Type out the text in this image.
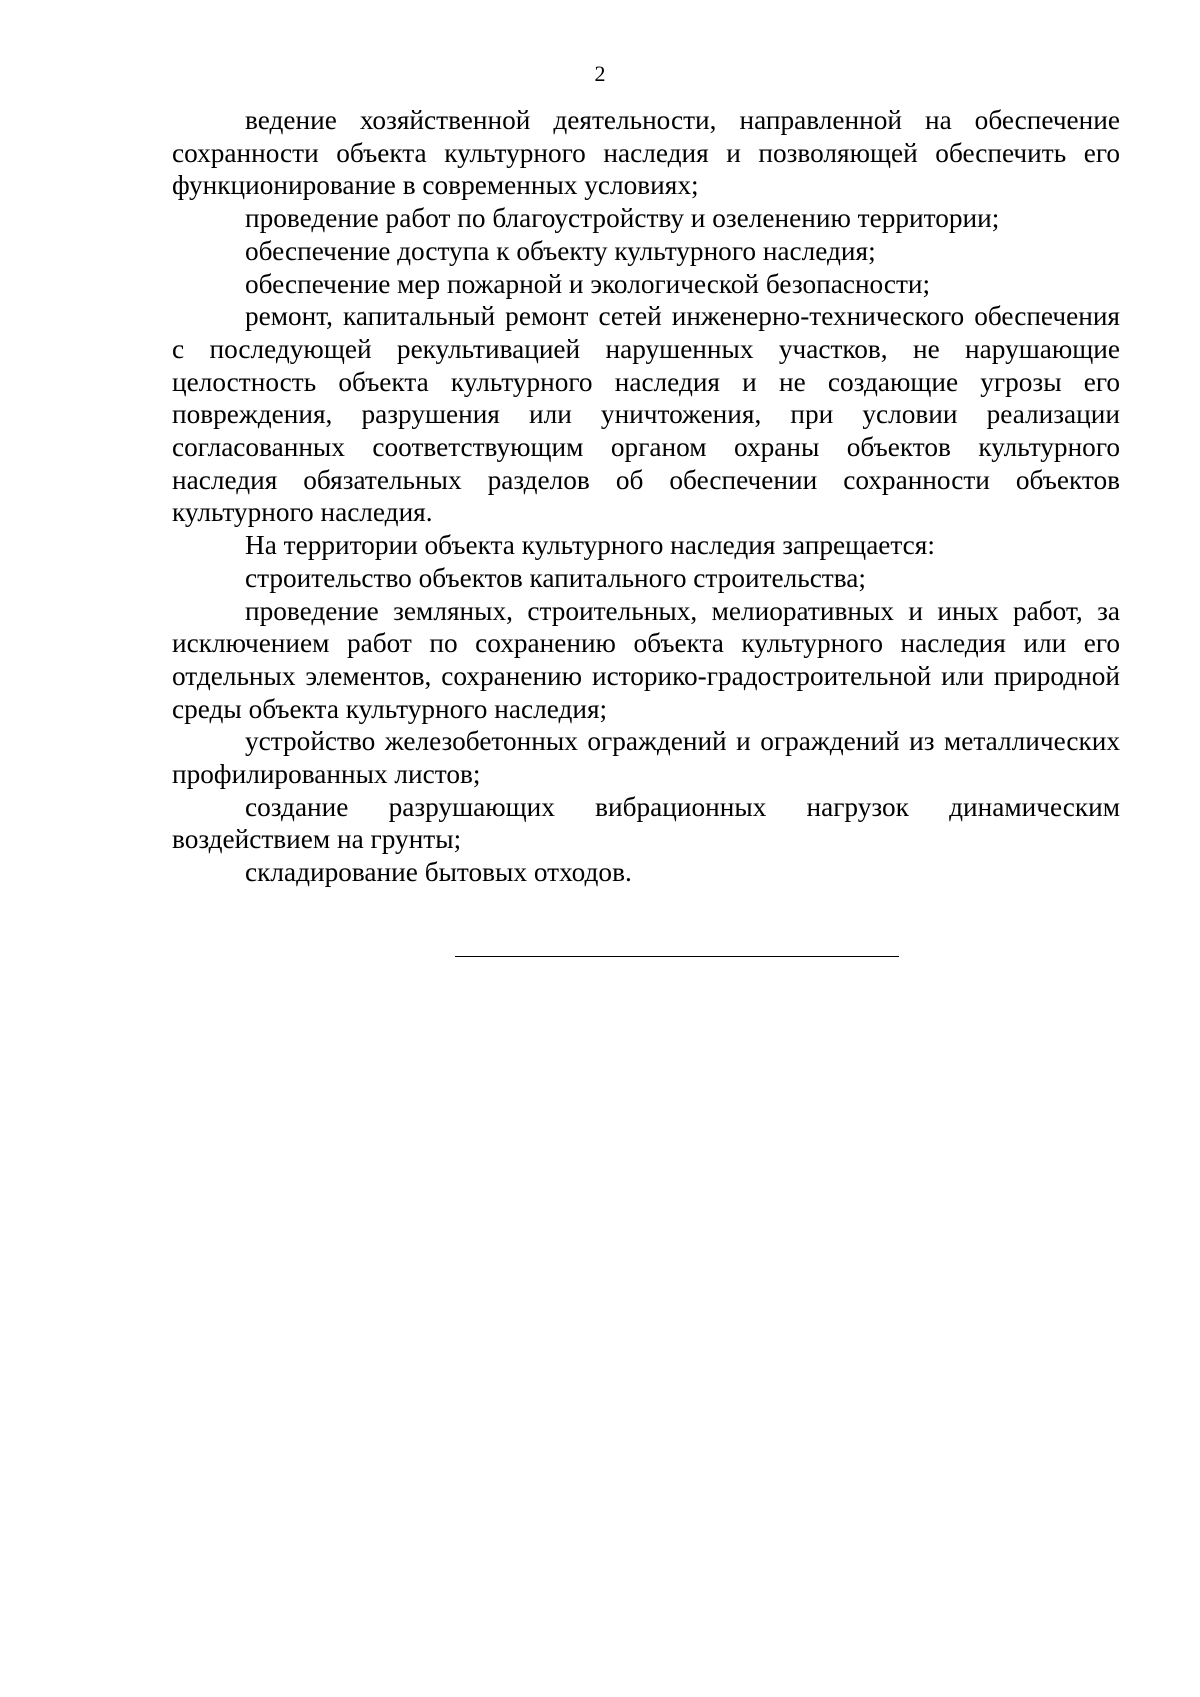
2

ведение хозяйственной деятельности, направленной на обеспечение сохранности объекта культурного наследия и позволяющей обеспечить его функционирование в современных условиях;

проведение работ по благоустройству и озеленению территории;

обеспечение доступа к объекту культурного наследия;

обеспечение мер пожарной и экологической безопасности;

ремонт, капитальный ремонт сетей инженерно-технического обеспечения с последующей рекультивацией нарушенных участков, не нарушающие целостность объекта культурного наследия и не создающие угрозы его повреждения, разрушения или уничтожения, при условии реализации согласованных соответствующим органом охраны объектов культурного наследия обязательных разделов об обеспечении сохранности объектов культурного наследия.

На территории объекта культурного наследия запрещается:

строительство объектов капитального строительства;

проведение земляных, строительных, мелиоративных и иных работ, за исключением работ по сохранению объекта культурного наследия или его отдельных элементов, сохранению историко-градостроительной или природной среды объекта культурного наследия;

устройство железобетонных ограждений и ограждений из металлических профилированных листов;

создание разрушающих вибрационных нагрузок динамическим воздействием на грунты;

складирование бытовых отходов.
